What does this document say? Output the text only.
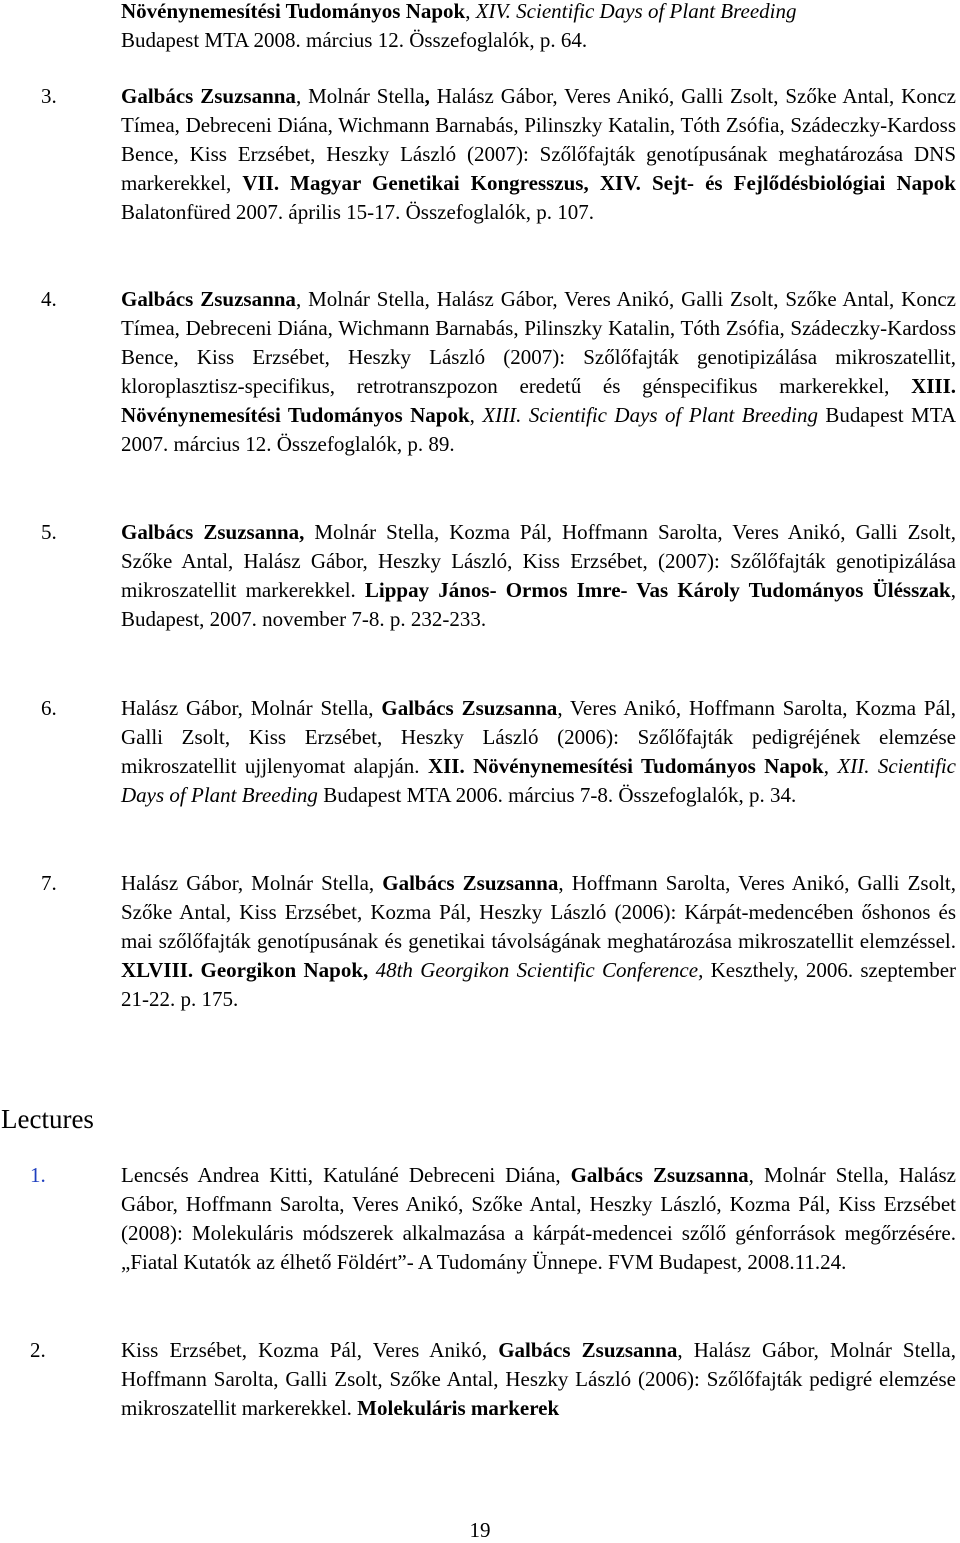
Növénynemesítési Tudományos Napok, XIV. Scientific Days of Plant Breeding
Budapest MTA 2008. március 12. Összefoglalók, p. 64.
3.	Galbács Zsuzsanna, Molnár Stella, Halász Gábor, Veres Anikó, Galli Zsolt, Szőke Antal, Koncz Tímea, Debreceni Diána, Wichmann Barnabás, Pilinszky Katalin, Tóth Zsófia, Szádeczky-Kardoss Bence, Kiss Erzsébet, Heszky László (2007): Szőlőfajták genotípusának meghatározása DNS markerekkel, VII. Magyar Genetikai Kongresszus, XIV. Sejt- és Fejlődésbiológiai Napok Balatonfüred 2007. április 15-17. Összefoglalók, p. 107.
4.	Galbács Zsuzsanna, Molnár Stella, Halász Gábor, Veres Anikó, Galli Zsolt, Szőke Antal, Koncz Tímea, Debreceni Diána, Wichmann Barnabás, Pilinszky Katalin, Tóth Zsófia, Szádeczky-Kardoss Bence, Kiss Erzsébet, Heszky László (2007): Szőlőfajták genotipizálása mikroszatellit, kloroplasztisz-specifikus, retrotranszpozon eredetű és génspecifikus markerekkel, XIII. Növénynemesítési Tudományos Napok, XIII. Scientific Days of Plant Breeding Budapest MTA 2007. március 12. Összefoglalók, p. 89.
5.	Galbács Zsuzsanna, Molnár Stella, Kozma Pál, Hoffmann Sarolta, Veres Anikó, Galli Zsolt, Szőke Antal, Halász Gábor, Heszky László, Kiss Erzsébet, (2007): Szőlőfajták genotipizálása mikroszatellit markerekkel. Lippay János- Ormos Imre- Vas Károly Tudományos Ülésszak, Budapest, 2007. november 7-8. p. 232-233.
6.	Halász Gábor, Molnár Stella, Galbács Zsuzsanna, Veres Anikó, Hoffmann Sarolta, Kozma Pál, Galli Zsolt, Kiss Erzsébet, Heszky László (2006): Szőlőfajták pedigréjének elemzése mikroszatellit ujjlenyomat alapján. XII. Növénynemesítési Tudományos Napok, XII. Scientific Days of Plant Breeding Budapest MTA 2006. március 7-8. Összefoglalók, p. 34.
7.	Halász Gábor, Molnár Stella, Galbács Zsuzsanna, Hoffmann Sarolta, Veres Anikó, Galli Zsolt, Szőke Antal, Kiss Erzsébet, Kozma Pál, Heszky László (2006): Kárpát-medencében őshonos és mai szőlőfajták genotípusának és genetikai távolságának meghatározása mikroszatellit elemzéssel. XLVIII. Georgikon Napok, 48th Georgikon Scientific Conference, Keszthely, 2006. szeptember 21-22. p. 175.
Lectures
1.	Lencsés Andrea Kitti, Katuláné Debreceni Diána, Galbács Zsuzsanna, Molnár Stella, Halász Gábor, Hoffmann Sarolta, Veres Anikó, Szőke Antal, Heszky László, Kozma Pál, Kiss Erzsébet (2008): Molekuláris módszerek alkalmazása a kárpát-medencei szőlő génforrások megőrzésére. „Fiatal Kutatók az élhető Földért”- A Tudomány Ünnepe. FVM Budapest, 2008.11.24.
2.	Kiss Erzsébet, Kozma Pál, Veres Anikó, Galbács Zsuzsanna, Halász Gábor, Molnár Stella, Hoffmann Sarolta, Galli Zsolt, Szőke Antal, Heszky László (2006): Szőlőfajták pedigré elemzése mikroszatellit markerekkel. Molekuláris markerek
19
